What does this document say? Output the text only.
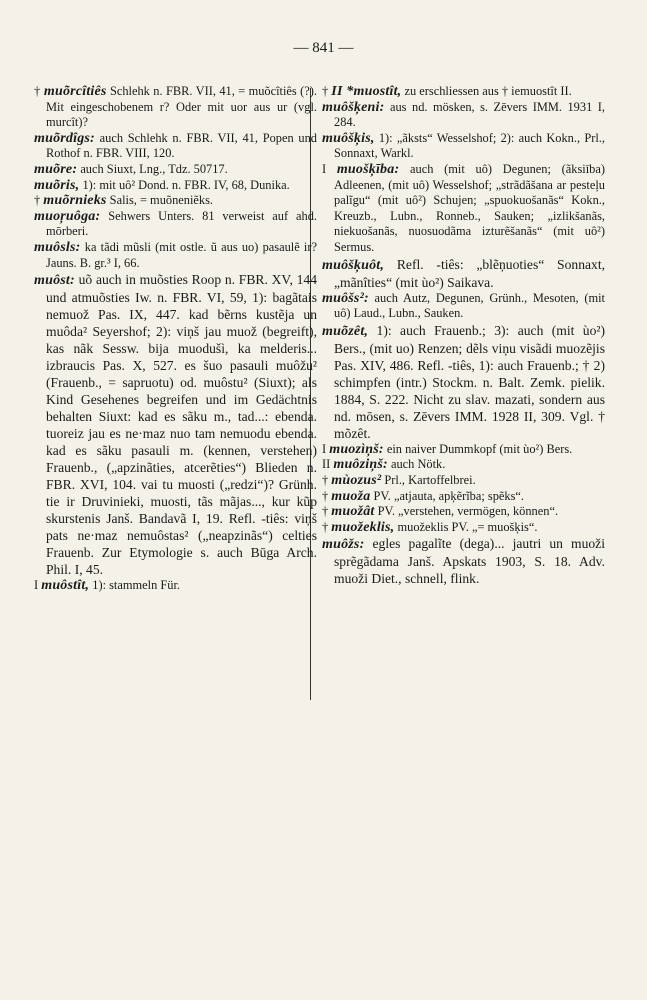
— 841 —

† muõrcîtiês Schlehk n. FBR. VII, 41, = muõcîtiês (?). Mit eingeschobenem r? Oder mit uor aus ur (vgl. murcît)?

muõrdîgs: auch Schlehk n. FBR. VII, 41, Popen und Rothof n. FBR. VIII, 120.

muõre: auch Siuxt, Lng., Tdz. 50717.

muõris, 1): mit uô² Dond. n. FBR. IV, 68, Dunika.

† muõrnieks Salis, = muõneniẽks.

muoŗuôga: Sehwers Unters. 81 verweist auf ahd. mōrberi.

muôsls: ka tãdi mũsli (mit ostle. ũ aus uo) pasaulẽ ir? Jauns. B. gr.³ I, 66.

muôst: uõ auch in muõsties Roop n. FBR. XV, 144 und atmuõsties Iw. n. FBR. VI, 59, 1): bagãtais nemuož Pas. IX, 447. kad bẽrns kustẽja un muôda² Seyershof; 2): viņš jau muož (begreift), kas nãk Sessw. bija muodušì, ka melderis... izbraucis Pas. X, 527. es šuo pasauli muôžu² (Frauenb., = sapruotu) od. muôstu² (Siuxt); als Kind Gesehenes begreifen und im Gedächtnis behalten Siuxt: kad es sãku m., tad...: ebenda. tuoreiz jau es ne·maz nuo tam nemuodu ebenda. kad es sãku pasauli m. (kennen, verstehen) Frauenb., („apzinãties, atcerẽties“) Blieden n. FBR. XVI, 104. vai tu muosti („redzi“)? Grünh. tie ir Druvinieki, muosti, tãs mãjas..., kur kũp skurstenis Janš. Bandavã I, 19. Refl. -tiês: viņš pats ne·maz nemuôstas² („neapzinãs“) celties Frauenb. Zur Etymologie s. auch Būga Arch. Phil. I, 45.

I muôstît, 1): stammeln Für.

† II *muostît, zu erschliessen aus † iemuostît II.

muôšķeni: aus nd. mösken, s. Zēvers IMM. 1931 I, 284.

muôšķis, 1): „ãksts“ Wesselshof; 2): auch Kokn., Prl., Sonnaxt, Warkl.

I muošķība: auch (mit uô) Degunen; (ãksiība) Adleenen, (mit uô) Wesselshof; „strãdãšana ar pesteļu palĩgu“ (mit uô²) Schujen; „spuokuošanãs“ Kokn., Kreuzb., Lubn., Ronneb., Sauken; „izlikšanãs, niekuošanãs, nuosuodãma izturẽšanãs“ (mit uô²) Sermus.

muôšķuôt, Refl. -tiês: „blẽņuoties“ Sonnaxt, „mãnîties“ (mit ùo²) Saikava.

muôšs²: auch Autz, Degunen, Grünh., Mesoten, (mit uô) Laud., Lubn., Sauken.

muõzêt, 1): auch Frauenb.; 3): auch (mit ùo²) Bers., (mit uo) Renzen; dẽls viņu visãdi muozẽjis Pas. XIV, 486. Refl. -tiês, 1): auch Frauenb.; † 2) schimpfen (intr.) Stockm. n. Balt. Zemk. pielik. 1884, S. 222. Nicht zu slav. mazati, sondern aus nd. mōsen, s. Zēvers IMM. 1928 II, 309. Vgl. † mõzêt.

I muozìņš: ein naiver Dummkopf (mit ùo²) Bers.

II muôziņš: auch Nötk.

† mùozus² Prl., Kartoffelbrei.

† muoža PV. „atjauta, apķẽrĩba; spẽks“.

† muožât PV. „verstehen, vermögen, können“.

† muožeklis, muožeklis PV. „= muošķis“.

muôžs: egles pagalĩte (dega)... jautri un muoži sprẽgãdama Janš. Apskats 1903, S. 18. Adv. muoži Diet., schnell, flink.
